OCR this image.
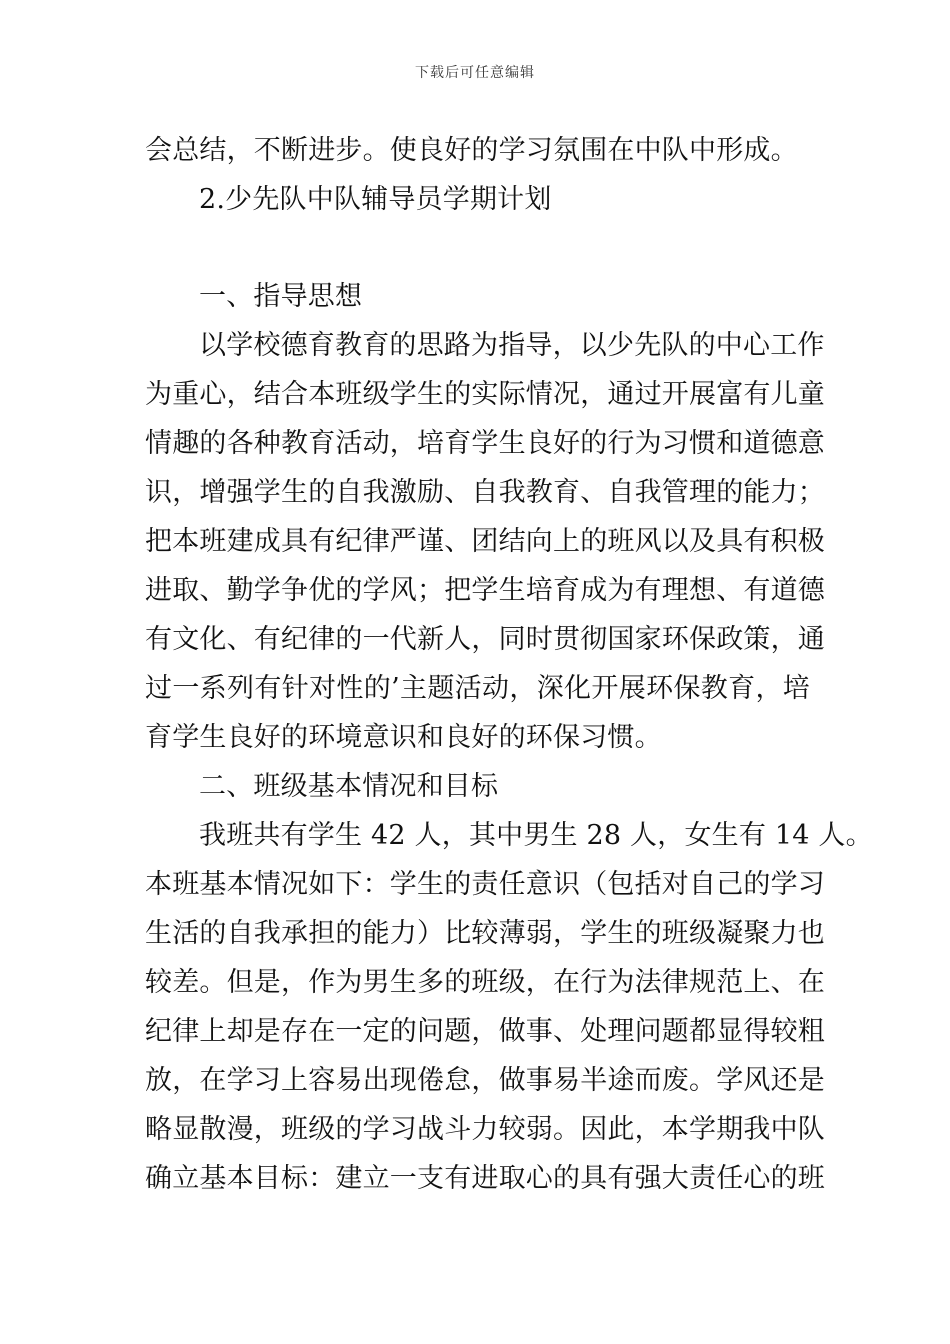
下载后可任意编辑
会总结，不断进步。使良好的学习氛围在中队中形成。
2.少先队中队辅导员学期计划
一、指导思想
以学校德育教育的思路为指导，以少先队的中心工作
为重心，结合本班级学生的实际情况，通过开展富有儿童
情趣的各种教育活动，培育学生良好的行为习惯和道德意
识，增强学生的自我激励、自我教育、自我管理的能力；
把本班建成具有纪律严谨、团结向上的班风以及具有积极
进取、勤学争优的学风；把学生培育成为有理想、有道德
有文化、有纪律的一代新人，同时贯彻国家环保政策，通
过一系列有针对性的’主题活动，深化开展环保教育，培
育学生良好的环境意识和良好的环保习惯。
二、班级基本情况和目标
我班共有学生 42 人，其中男生 28 人，女生有 14 人。
本班基本情况如下：学生的责任意识（包括对自己的学习
生活的自我承担的能力）比较薄弱，学生的班级凝聚力也
较差。但是，作为男生多的班级，在行为法律规范上、在
纪律上却是存在一定的问题，做事、处理问题都显得较粗
放，在学习上容易出现倦怠，做事易半途而废。学风还是
略显散漫，班级的学习战斗力较弱。因此，本学期我中队
确立基本目标：建立一支有进取心的具有强大责任心的班
